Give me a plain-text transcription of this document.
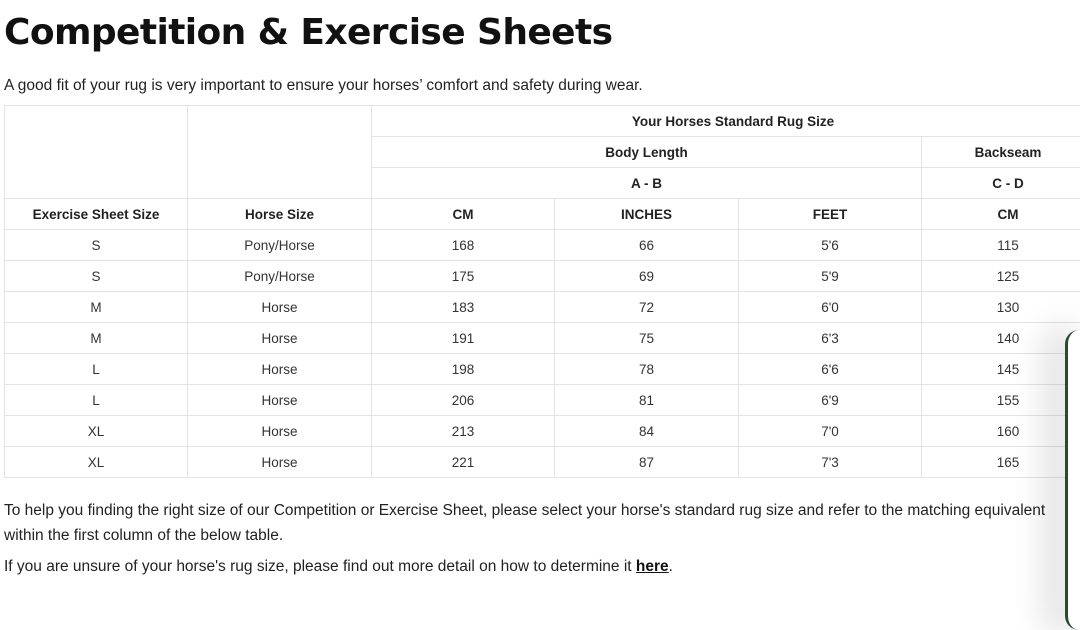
Competition & Exercise Sheets

A good fit of your rug is very important to ensure your horses’ comfort and safety during wear.

		Your Horses Standard Rug Size			
		Body Length			Backseam
		A - B			C - D
Exercise Sheet Size	Horse Size	CM	INCHES	FEET	CM
S	Pony/Horse	168	66	5'6	115
S	Pony/Horse	175	69	5'9	125
M	Horse	183	72	6'0	130
M	Horse	191	75	6'3	140
L	Horse	198	78	6'6	145
L	Horse	206	81	6'9	155
XL	Horse	213	84	7'0	160
XL	Horse	221	87	7'3	165

To help you finding the right size of our Competition or Exercise Sheet, please select your horse's standard rug size and refer to the matching equivalent within the first column of the below table.

If you are unsure of your horse's rug size, please find out more detail on how to determine it here.
